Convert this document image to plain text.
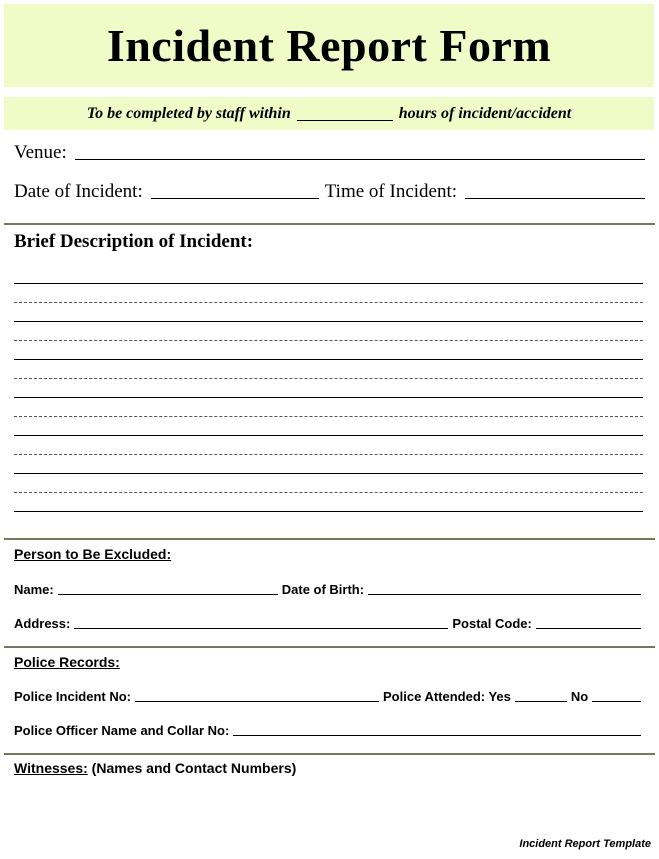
Incident Report Form
To be completed by staff within	hours of incident/accident
Venue:
Date of Incident:	Time of Incident:
Brief Description of Incident:
Person to Be Excluded:
Name:	Date of Birth:
Address:	Postal Code:
Police Records:
Police Incident No:	Police Attended: Yes	No
Police Officer Name and Collar No:
Witnesses: (Names and Contact Numbers)
Incident Report Template
